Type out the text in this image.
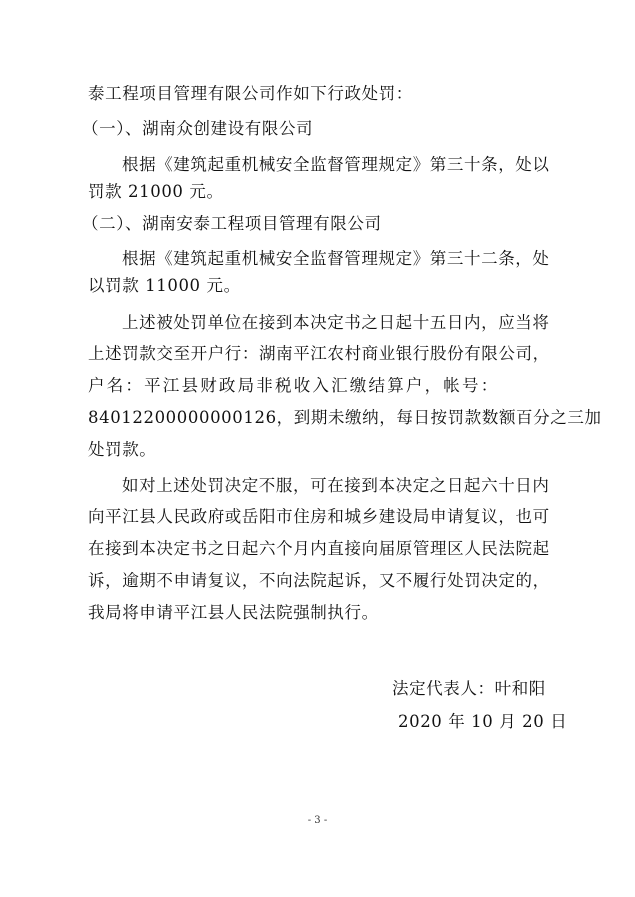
泰工程项目管理有限公司作如下行政处罚：
（一）、湖南众创建设有限公司
根据《建筑起重机械安全监督管理规定》第三十条，处以
罚款 21000 元。
（二）、湖南安泰工程项目管理有限公司
根据《建筑起重机械安全监督管理规定》第三十二条，处
以罚款 11000 元。
上述被处罚单位在接到本决定书之日起十五日内，应当将
上述罚款交至开户行：湖南平江农村商业银行股份有限公司，
户名：平江县财政局非税收入汇缴结算户，帐号：
84012200000000126，到期未缴纳，每日按罚款数额百分之三加
处罚款。
如对上述处罚决定不服，可在接到本决定之日起六十日内
向平江县人民政府或岳阳市住房和城乡建设局申请复议，也可
在接到本决定书之日起六个月内直接向届原管理区人民法院起
诉，逾期不申请复议，不向法院起诉，又不履行处罚决定的，
我局将申请平江县人民法院强制执行。
法定代表人：叶和阳
2020 年 10 月 20 日
- 3 -
